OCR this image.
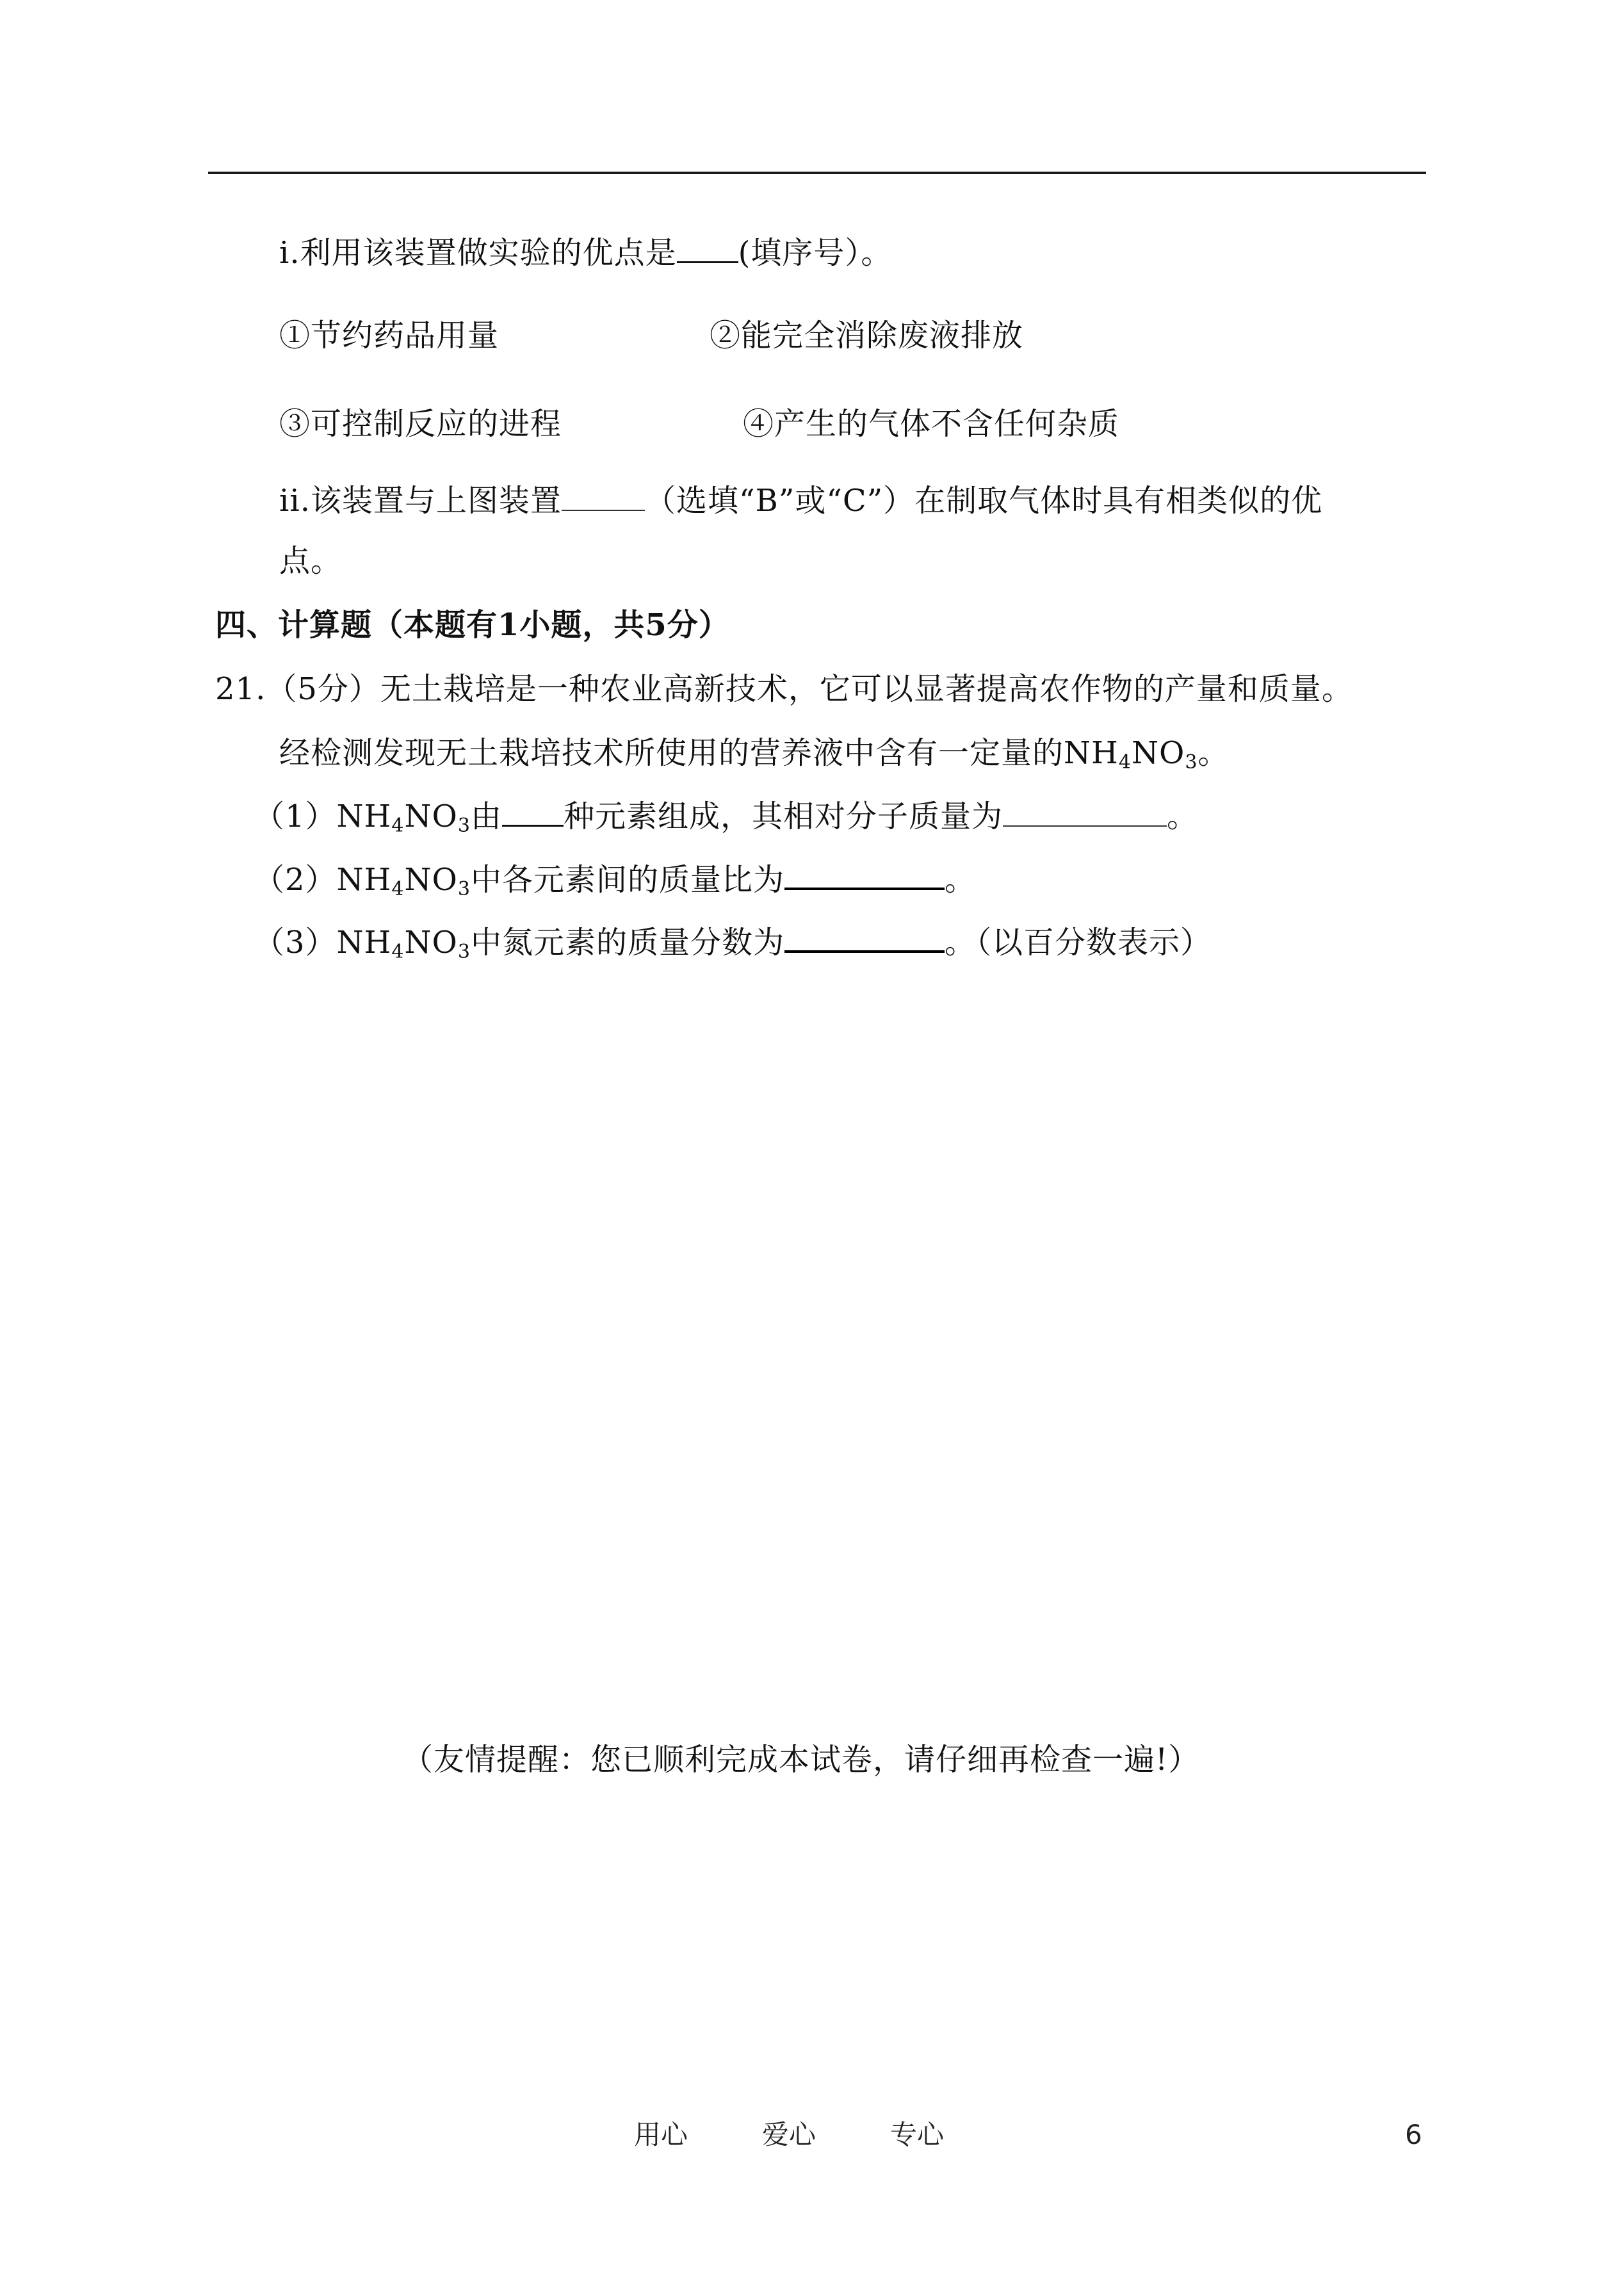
i.利用该装置做实验的优点是 (填序号）。
①节约药品用量	②能完全消除废液排放
③可控制反应的进程	④产生的气体不含任何杂质
ii.该装置与上图装置	（选填“B”或“C”）在制取气体时具有相类似的优
点。
四、计算题（本题有1小题，共5分）
21.（5分）无土栽培是一种农业高新技术，它可以显著提高农作物的产量和质量。
经检测发现无土栽培技术所使用的营养液中含有一定量的$NH_4NO_3$。
$(1)NH_4NO_3$由 种元素组成，其相对分子质量为	。
$(2)NH_4NO_3$中各元素间的质量比为	。
$(3)NH_4NO_3$中氮元素的质量分数为	。（以百分数表示）
（友情提醒：您已顺利完成本试卷，请仔细再检查一遍!）
用心	爱心	专心	6
